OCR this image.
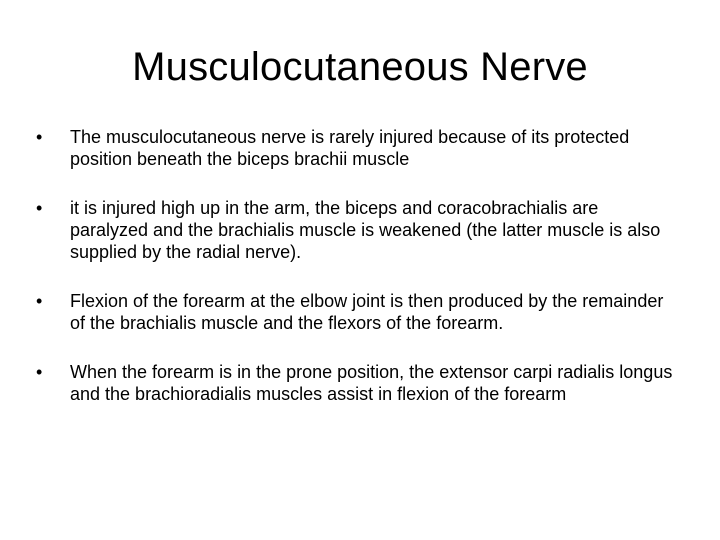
Musculocutaneous Nerve
•	The musculocutaneous nerve is rarely injured because of its protected position beneath the biceps brachii muscle
•	it is injured high up in the arm, the biceps and coracobrachialis are paralyzed and the brachialis muscle is weakened (the latter muscle is also supplied by the radial nerve).
•	Flexion of the forearm at the elbow joint is then produced by the remainder of the brachialis muscle and the flexors of the forearm.
•	When the forearm is in the prone position, the extensor carpi radialis longus and the brachioradialis muscles assist in flexion of the forearm
